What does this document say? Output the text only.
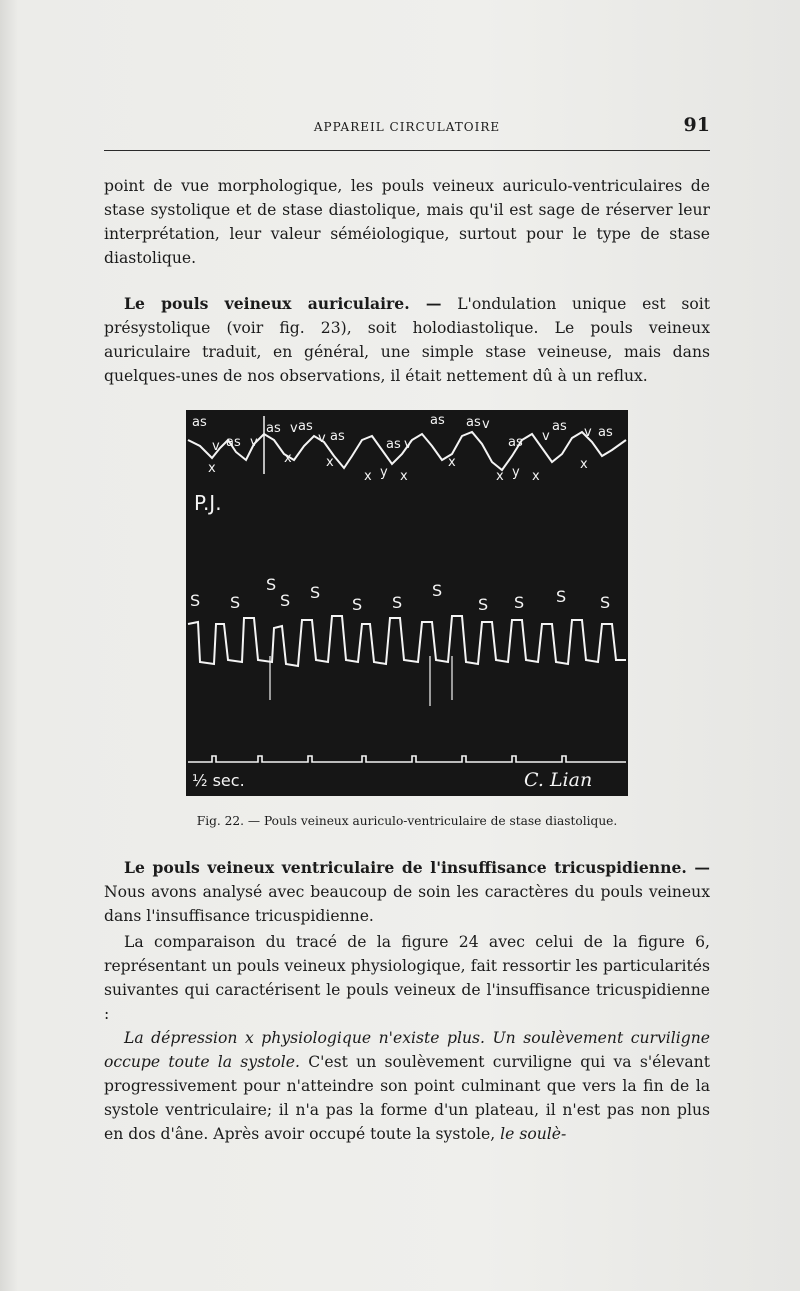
APPAREIL CIRCULATOIRE	91

point de vue morphologique, les pouls veineux auriculo-ventriculaires de stase systolique et de stase diastolique, mais qu'il est sage de réserver leur interprétation, leur valeur séméiologique, surtout pour le type de stase diastolique.

Le pouls veineux auriculaire. — L'ondulation unique est soit présystolique (voir fig. 23), soit holodiastolique. Le pouls veineux auriculaire traduit, en général, une simple stase veineuse, mais dans quelques-unes de nos observations, il était nettement dû à un reflux.

as
v as v
x
as v as
x
v as
x
as v
x y x
as
x
as v
as
x y x
v
as
x
v as
S S
S
S S
S S
S
S S S S
P.J.
½ sec.	C. Lian
Fig. 22. — Pouls veineux auriculo-ventriculaire de stase diastolique.

Le pouls veineux ventriculaire de l'insuffisance tricuspidienne. — Nous avons analysé avec beaucoup de soin les caractères du pouls veineux dans l'insuffisance tricuspidienne.

La comparaison du tracé de la figure 24 avec celui de la figure 6, représentant un pouls veineux physiologique, fait ressortir les particularités suivantes qui caractérisent le pouls veineux de l'insuffisance tricuspidienne :

La dépression x physiologique n'existe plus. Un soulèvement curviligne occupe toute la systole. C'est un soulèvement curviligne qui va s'élevant progressivement pour n'atteindre son point culminant que vers la fin de la systole ventriculaire; il n'a pas la forme d'un plateau, il n'est pas non plus en dos d'âne. Après avoir occupé toute la systole, le soulè-
